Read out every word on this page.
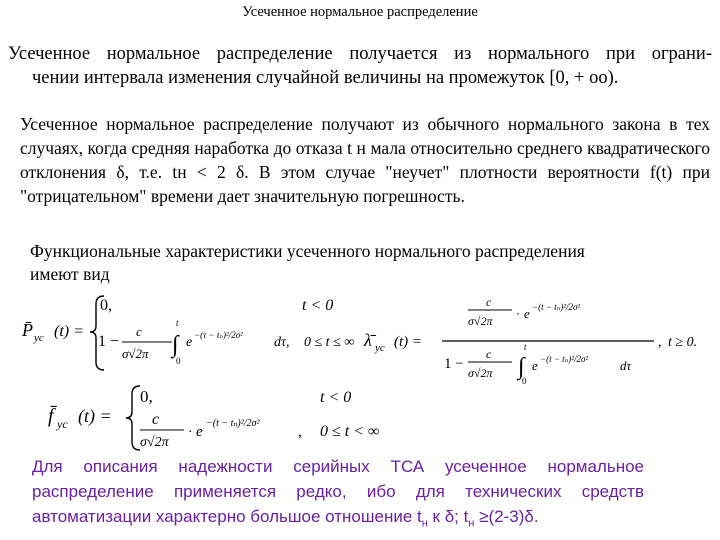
Усеченное нормальное распределение
Усеченное нормальное распределение получается из нормального при ограни-
чении интервала изменения случайной величины на промежуток [0, + oo).
Усеченное нормальное распределение получают из обычного нормального закона в тех случаях, когда средняя наработка до отказа t н мала относительно среднего квадратического отклонения δ, т.е. tн < 2 δ. В этом случае "неучет" плотности вероятности f(t) при "отрицательном" времени дает значительную погрешность.
Функциональные характеристики усеченного нормального распределения
имеют вид
P̄ ус (t) =
0,	t < 0
1 −
c
σ√2π
t
∫
0
e −(τ − tₙ)²/2σ² dτ, 0 ≤ t ≤ ∞ λ̄ ус (t) =
c
σ√2π · e −(t − tₙ)²/2σ²
1 −
c
σ√2π
t
∫
0
e −(t − tₙ)²/2σ² dτ
, t ≥ 0.
f̄ ус (t) =
0,	t < 0
c
σ√2π
· e
−(t − tₙ)²/2σ²
, 0 ≤ t < ∞
Для описания надежности серийных ТСА усеченное нормальное распределение применяется редко, ибо для технических средств автоматизации характерно большое отношение $t_н$ к δ; $t_н \ge(2-3)\delta$.
